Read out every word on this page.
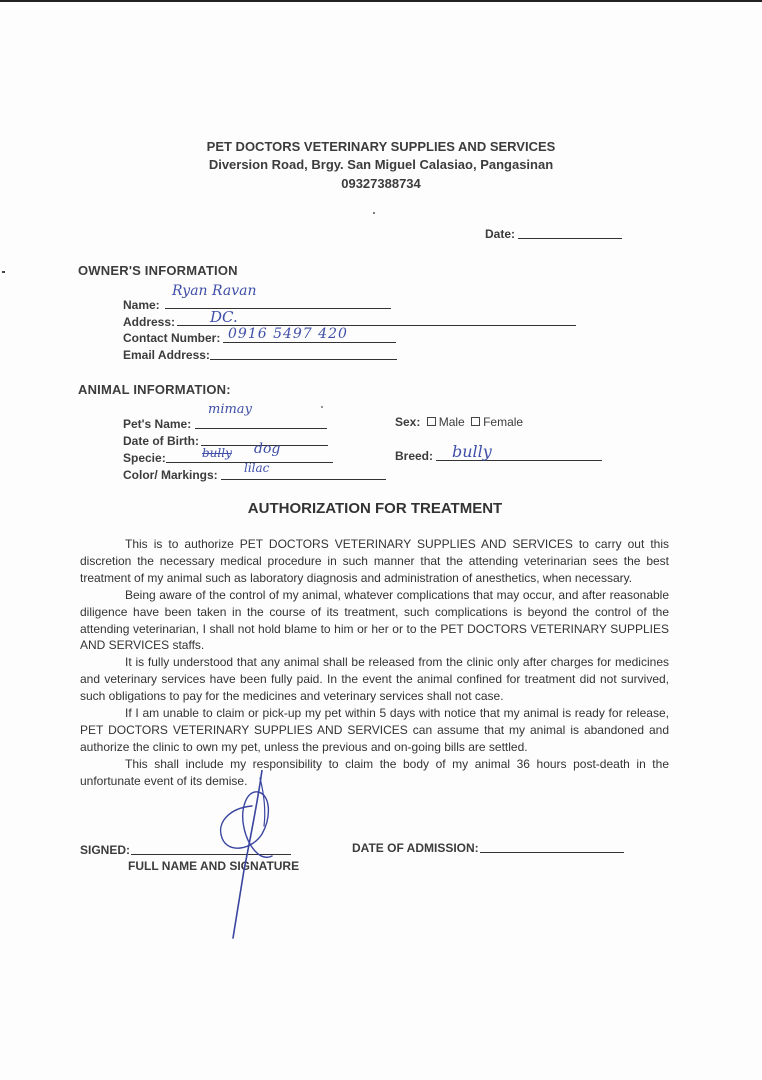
PET DOCTORS VETERINARY SUPPLIES AND SERVICES
Diversion Road, Brgy. San Miguel Calasiao, Pangasinan
09327388734
Date:
OWNER'S INFORMATION
Name:
Ryan Ravan
Address: DC.
Contact Number: 0916 5497 420
Email Address:
ANIMAL INFORMATION:
Pet's Name:
mimay
Date of Birth:
Specie:	bully dog
Color/ Markings: lilac
Sex: Male Female
Breed: bully
AUTHORIZATION FOR TREATMENT

This is to authorize PET DOCTORS VETERINARY SUPPLIES AND SERVICES to carry out this discretion the necessary medical procedure in such manner that the attending veterinarian sees the best treatment of my animal such as laboratory diagnosis and administration of anesthetics, when necessary.

Being aware of the control of my animal, whatever complications that may occur, and after reasonable diligence have been taken in the course of its treatment, such complications is beyond the control of the attending veterinarian, I shall not hold blame to him or her or to the PET DOCTORS VETERINARY SUPPLIES AND SERVICES staffs.

It is fully understood that any animal shall be released from the clinic only after charges for medicines and veterinary services have been fully paid. In the event the animal confined for treatment did not survived, such obligations to pay for the medicines and veterinary services shall not case.

If I am unable to claim or pick-up my pet within 5 days with notice that my animal is ready for release, PET DOCTORS VETERINARY SUPPLIES AND SERVICES can assume that my animal is abandoned and authorize the clinic to own my pet, unless the previous and on-going bills are settled.

This shall include my responsibility to claim the body of my animal 36 hours post-death in the unfortunate event of its demise.

SIGNED:
FULL NAME AND SIGNATURE
DATE OF ADMISSION:
